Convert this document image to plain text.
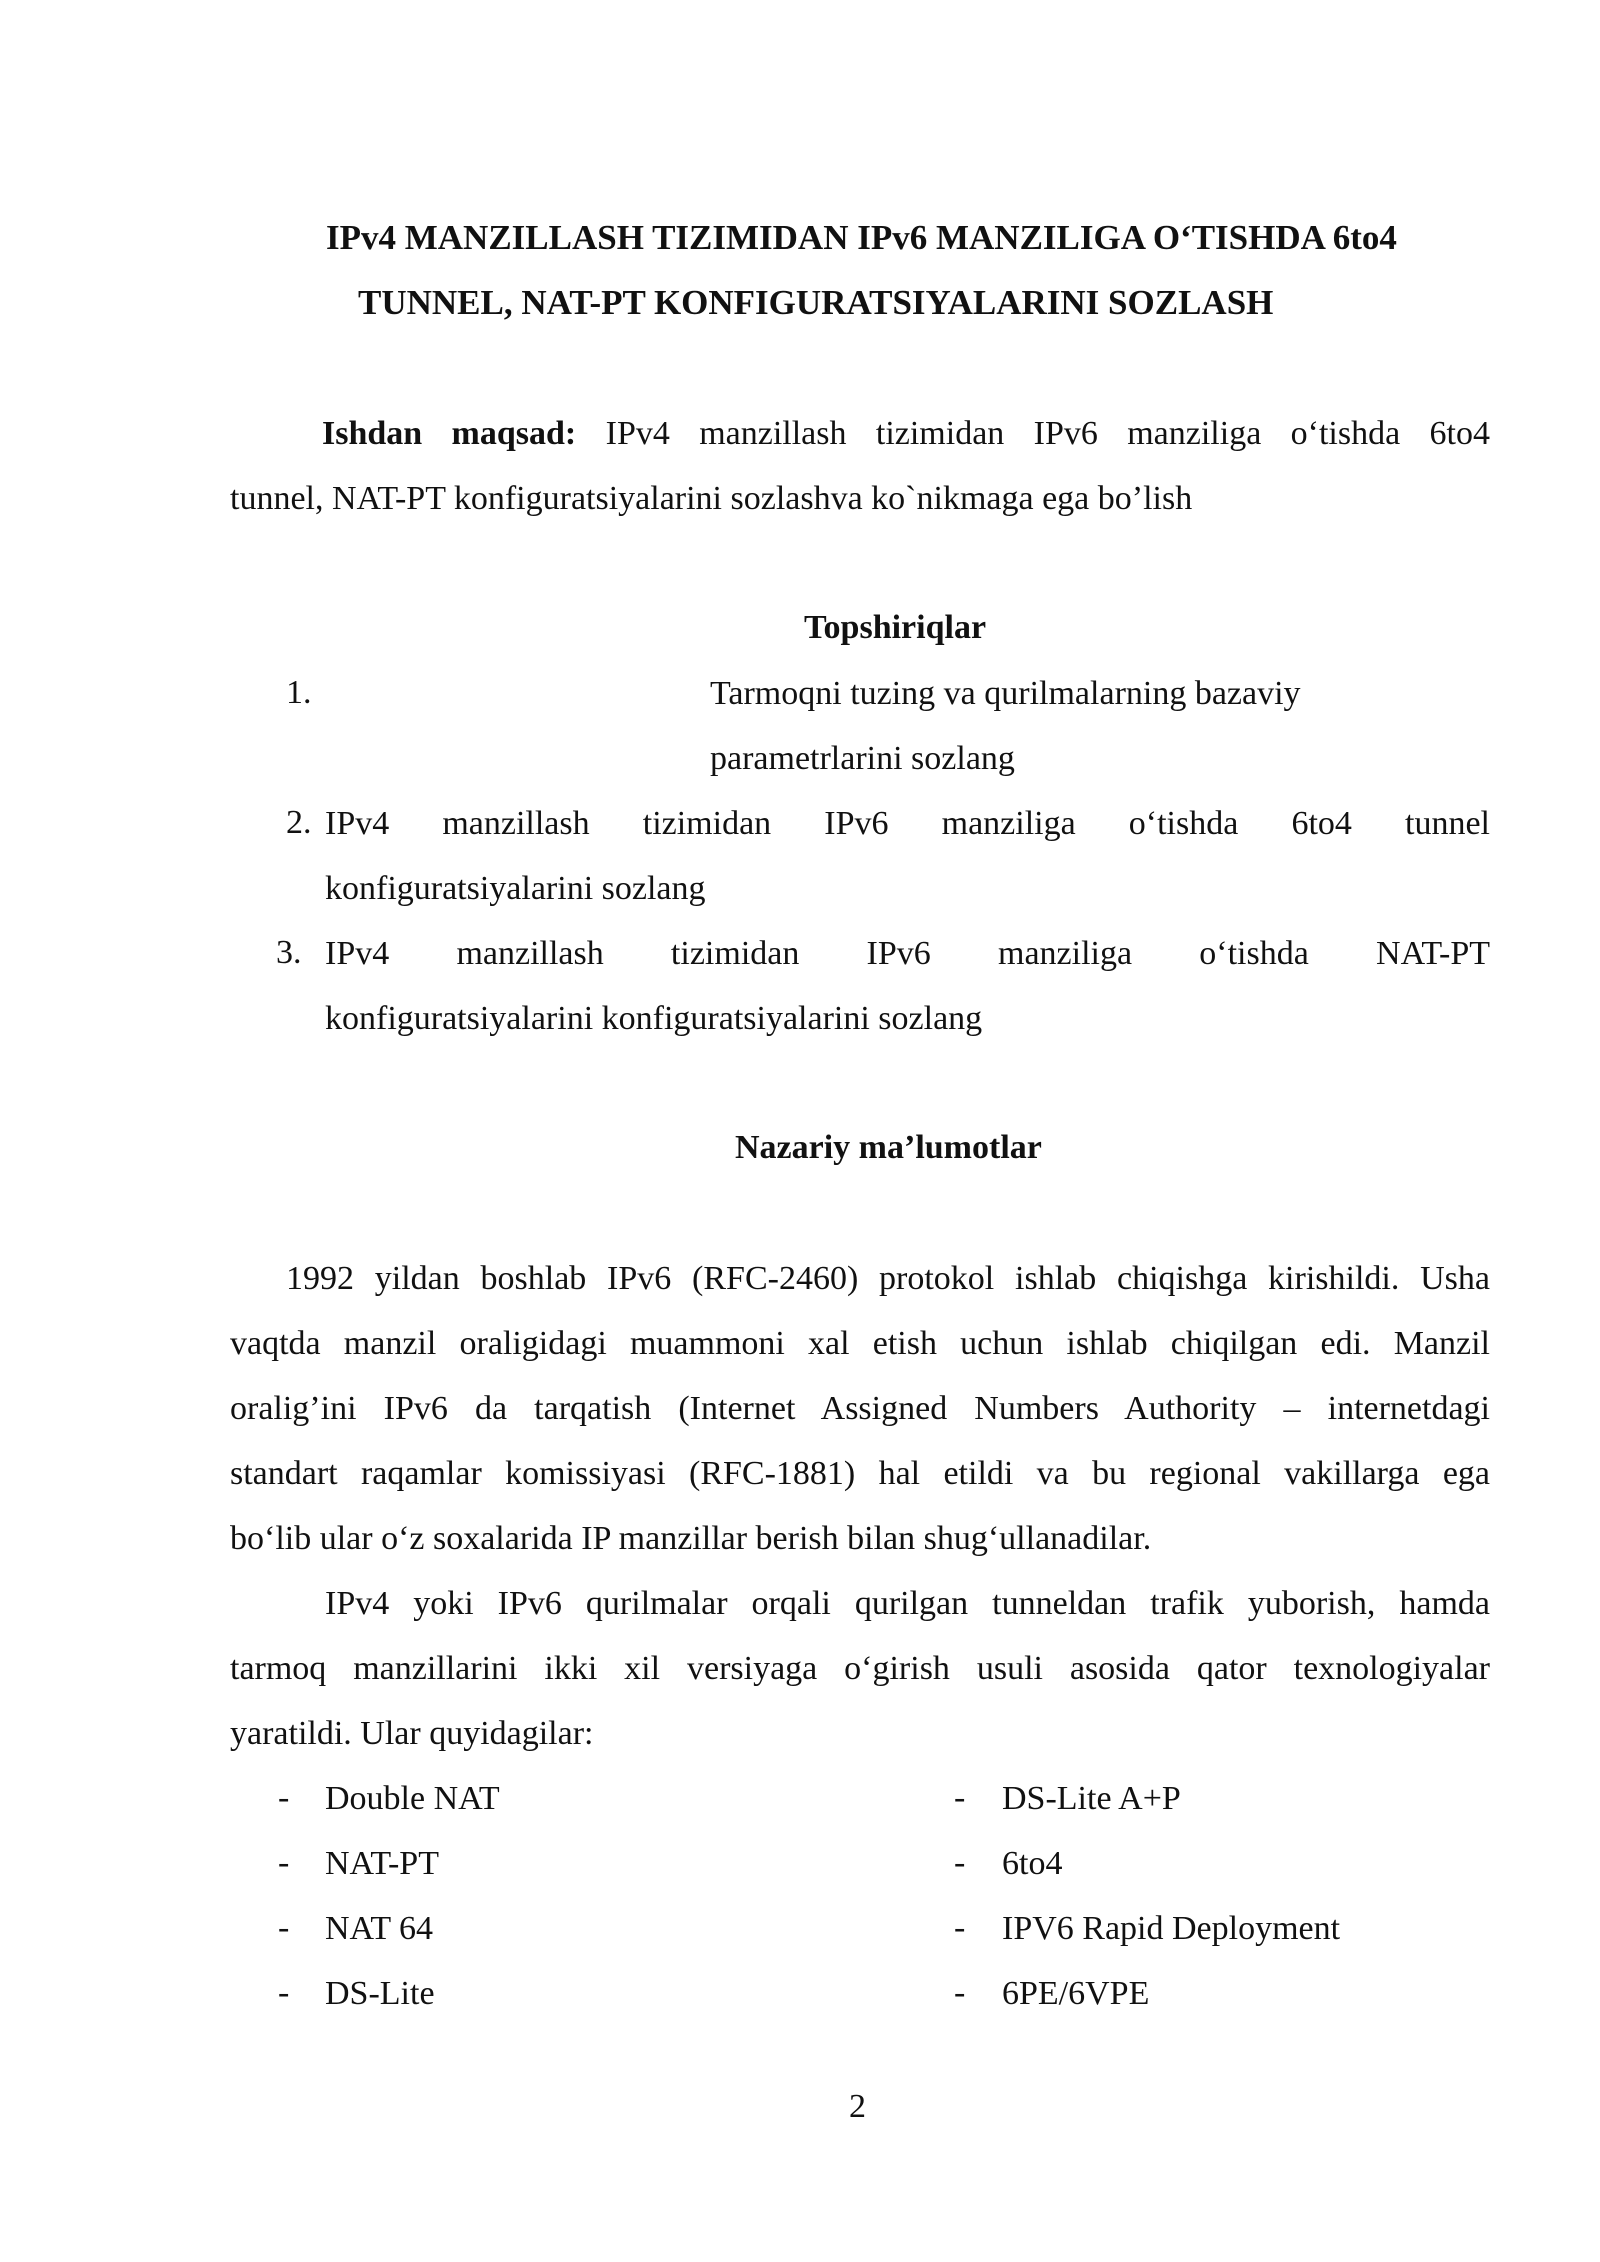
IPv4 MANZILLASH TIZIMIDAN IPv6 MANZILIGA O‘TISHDA 6to4
TUNNEL, NAT-PT KONFIGURATSIYALARINI SOZLASH
Ishdan maqsad: IPv4 manzillash tizimidan IPv6 manziliga o‘tishda 6to4
tunnel, NAT-PT konfiguratsiyalarini sozlashva ko`nikmaga ega bo’lish
Topshiriqlar
1.	Tarmoqni tuzing va qurilmalarning bazaviy
parametrlarini sozlang
2. IPv4 manzillash tizimidan IPv6 manziliga o‘tishda 6to4 tunnel
konfiguratsiyalarini sozlang
3. IPv4 manzillash tizimidan IPv6 manziliga o‘tishda NAT-PT
konfiguratsiyalarini konfiguratsiyalarini sozlang
Nazariy ma’lumotlar
1992 yildan boshlab IPv6 (RFC-2460) protokol ishlab chiqishga kirishildi. Usha
vaqtda manzil oraligidagi muammoni xal etish uchun ishlab chiqilgan edi. Manzil
oralig’ini IPv6 da tarqatish (Internet Assigned Numbers Authority – internetdagi
standart raqamlar komissiyasi (RFC-1881) hal etildi va bu regional vakillarga ega
bo‘lib ular o‘z soxalarida IP manzillar berish bilan shug‘ullanadilar.
IPv4 yoki IPv6 qurilmalar orqali qurilgan tunneldan trafik yuborish, hamda
tarmoq manzillarini ikki xil versiyaga o‘girish usuli asosida qator texnologiyalar
yaratildi. Ular quyidagilar:
- Double NAT
- NAT-PT
- NAT 64
- DS-Lite
- DS-Lite A+P
- 6to4
- IPV6 Rapid Deployment
- 6PE/6VPE
2
